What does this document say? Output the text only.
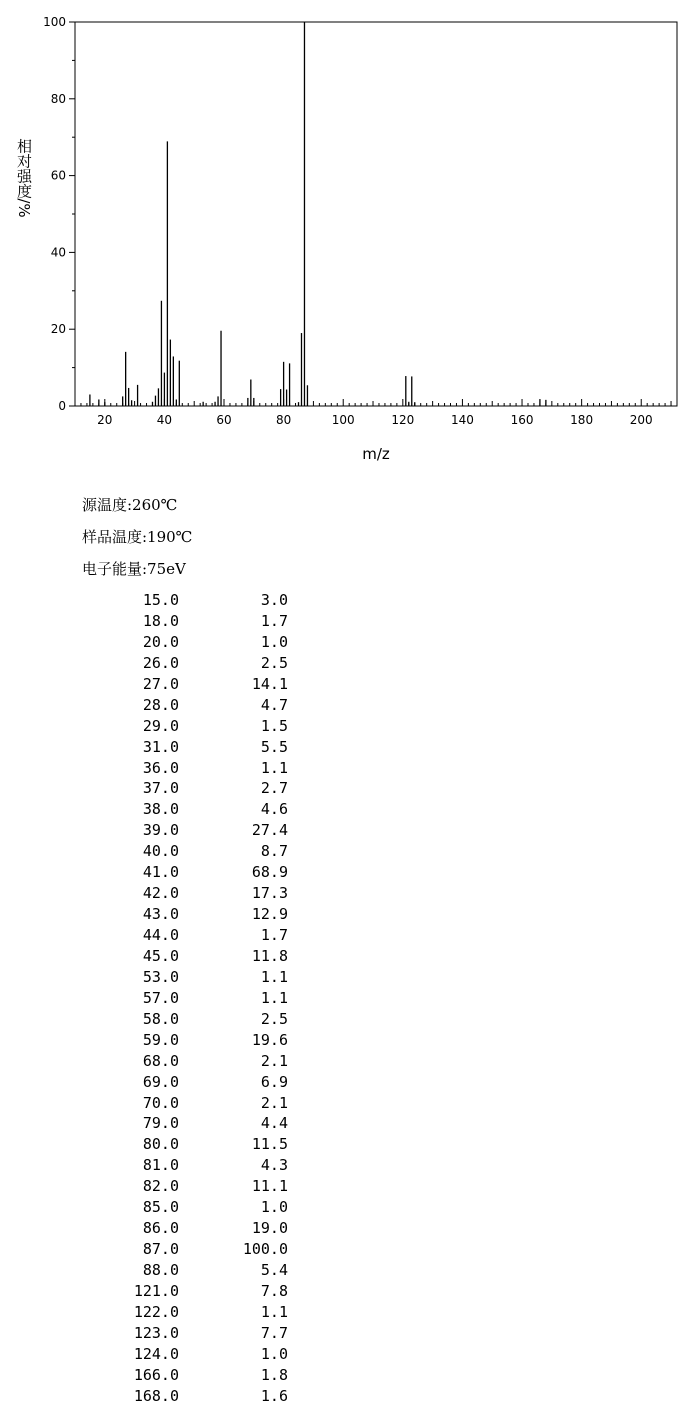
0
20
40
60
80
100
20	40	60	80	100	120	140	160	180	200
相对强度/%
m/z
源温度:260℃
样品温度:190℃
电子能量:75eV
15.0	3.0
18.0	1.7
20.0	1.0
26.0	2.5
27.0	14.1
28.0	4.7
29.0	1.5
31.0	5.5
36.0	1.1
37.0	2.7
38.0	4.6
39.0	27.4
40.0	8.7
41.0	68.9
42.0	17.3
43.0	12.9
44.0	1.7
45.0	11.8
53.0	1.1
57.0	1.1
58.0	2.5
59.0	19.6
68.0	2.1
69.0	6.9
70.0	2.1
79.0	4.4
80.0	11.5
81.0	4.3
82.0	11.1
85.0	1.0
86.0	19.0
87.0	100.0
88.0	5.4
121.0	7.8
122.0	1.1
123.0	7.7
124.0	1.0
166.0	1.8
168.0	1.6
